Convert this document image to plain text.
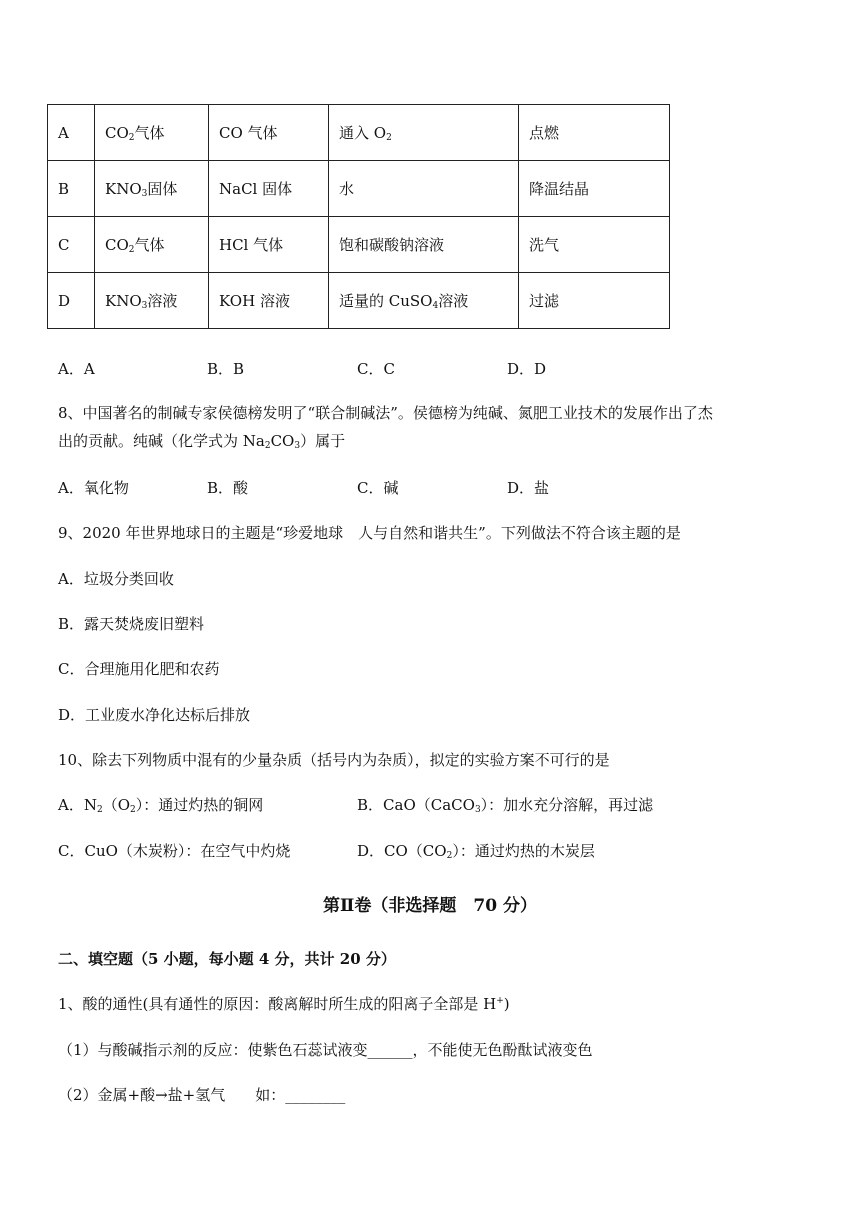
A	$CO_2$气体	CO 气体	通入 $O_2$	点燃
B	$KNO_3$固体	NaCl 固体	水	降温结晶
C	$CO_2$气体	HCl 气体	饱和碳酸钠溶液	洗气
D	$KNO_3$溶液	KOH 溶液	适量的 CuSO$_4$溶液	过滤
A．A	B．B	C．C	D．D
8、中国著名的制碱专家侯德榜发明了“联合制碱法”。侯德榜为纯碱、氮肥工业技术的发展作出了杰
出的贡献。纯碱（化学式为 $Na_2CO_3$）属于
A．氧化物	B．酸	C．碱	D．盐
9、2020 年世界地球日的主题是“珍爱地球　人与自然和谐共生”。下列做法不符合该主题的是
A．垃圾分类回收
B．露天焚烧废旧塑料
C．合理施用化肥和农药
D．工业废水净化达标后排放
10、除去下列物质中混有的少量杂质（括号内为杂质），拟定的实验方案不可行的是
A．$N_2(O_2)$：通过灼热的铜网	B．CaO（CaCO$_3$）：加水充分溶解，再过滤
C．CuO（木炭粉）：在空气中灼烧	D．$CO(CO_2)$：通过灼热的木炭层
第Ⅱ卷（非选择题　70 分）
二、填空题（5 小题，每小题 4 分，共计 20 分）
1、酸的通性(具有通性的原因：酸离解时所生成的阳离子全部是 H+)
（1）与酸碱指示剂的反应：使紫色石蕊试液变______，不能使无色酚酞试液变色
（2）金属+酸→盐+氢气　　如：________
